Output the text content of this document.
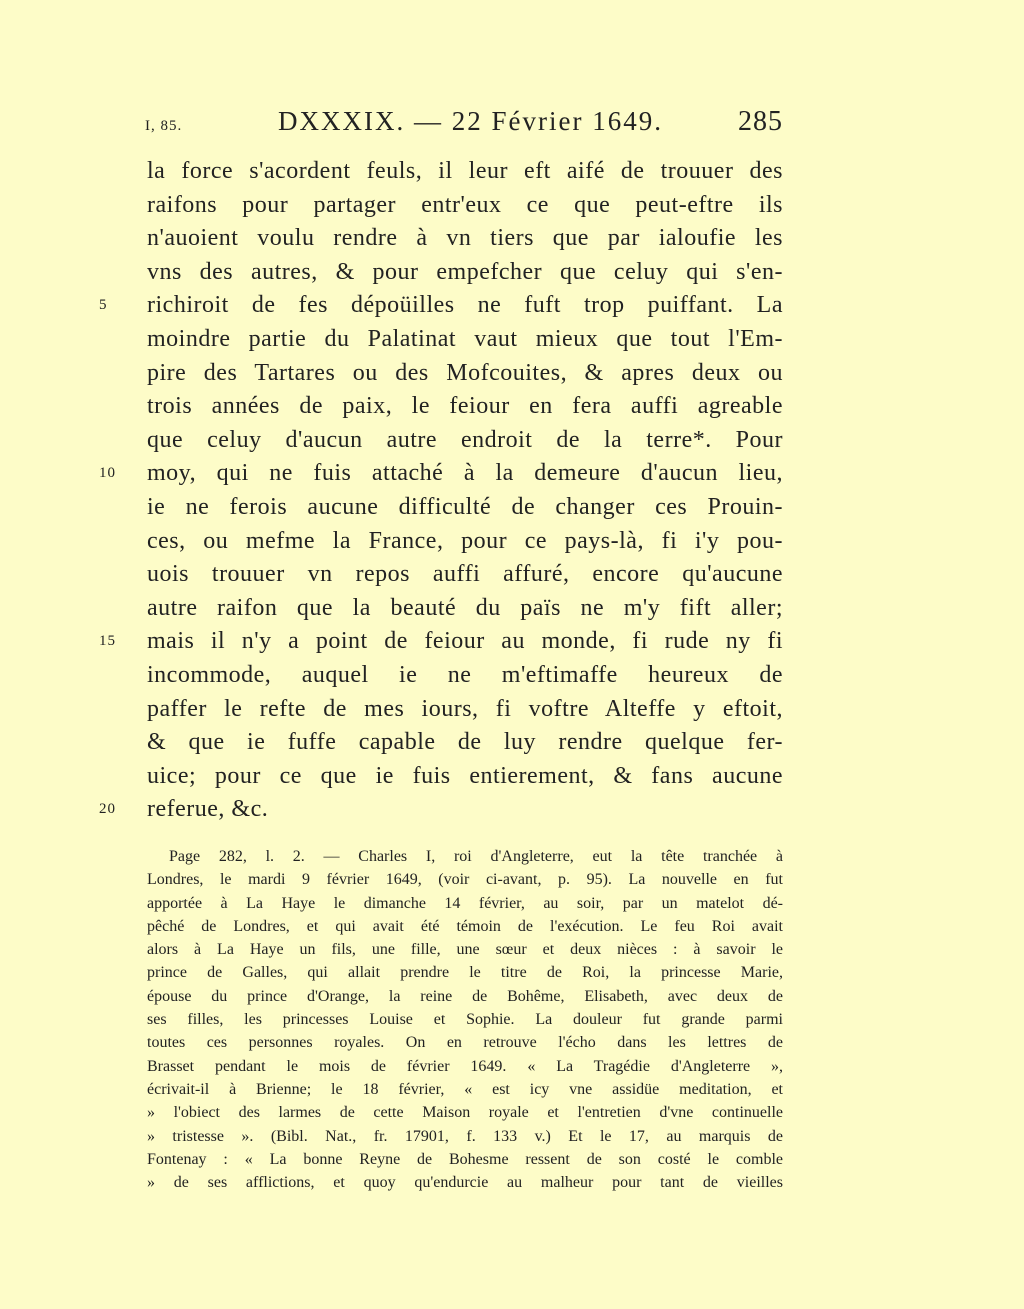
I, 85.	DXXXIX. — 22 Février 1649.	285
la force s'acordent feuls, il leur eft aifé de trouuer des
raifons pour partager entr'eux ce que peut-eftre ils
n'auoient voulu rendre à vn tiers que par ialoufie les
vns des autres, & pour empefcher que celuy qui s'en-
5	richiroit de fes dépoüilles ne fuft trop puiffant. La
moindre partie du Palatinat vaut mieux que tout l'Em-
pire des Tartares ou des Mofcouites, & apres deux ou
trois années de paix, le feiour en fera auffi agreable
que celuy d'aucun autre endroit de la terre*. Pour
10	moy, qui ne fuis attaché à la demeure d'aucun lieu,
ie ne ferois aucune difficulté de changer ces Prouin-
ces, ou mefme la France, pour ce pays-là, fi i'y pou-
uois trouuer vn repos auffi affuré, encore qu'aucune
autre raifon que la beauté du païs ne m'y fift aller;
15	mais il n'y a point de feiour au monde, fi rude ny fi
incommode, auquel ie ne m'eftimaffe heureux de
paffer le refte de mes iours, fi voftre Alteffe y eftoit,
& que ie fuffe capable de luy rendre quelque fer-
uice; pour ce que ie fuis entierement, & fans aucune
20	referue, &c.
Page 282, l. 2. — Charles I, roi d'Angleterre, eut la tête tranchée à
Londres, le mardi 9 février 1649, (voir ci-avant, p. 95). La nouvelle en fut
apportée à La Haye le dimanche 14 février, au soir, par un matelot dé-
pêché de Londres, et qui avait été témoin de l'exécution. Le feu Roi avait
alors à La Haye un fils, une fille, une sœur et deux nièces : à savoir le
prince de Galles, qui allait prendre le titre de Roi, la princesse Marie,
épouse du prince d'Orange, la reine de Bohême, Elisabeth, avec deux de
ses filles, les princesses Louise et Sophie. La douleur fut grande parmi
toutes ces personnes royales. On en retrouve l'écho dans les lettres de
Brasset pendant le mois de février 1649. « La Tragédie d'Angleterre »,
écrivait-il à Brienne; le 18 février, « est icy vne assidüe meditation, et
» l'obiect des larmes de cette Maison royale et l'entretien d'vne continuelle
» tristesse ». (Bibl. Nat., fr. 17901, f. 133 v.) Et le 17, au marquis de
Fontenay : « La bonne Reyne de Bohesme ressent de son costé le comble
» de ses afflictions, et quoy qu'endurcie au malheur pour tant de vieilles
